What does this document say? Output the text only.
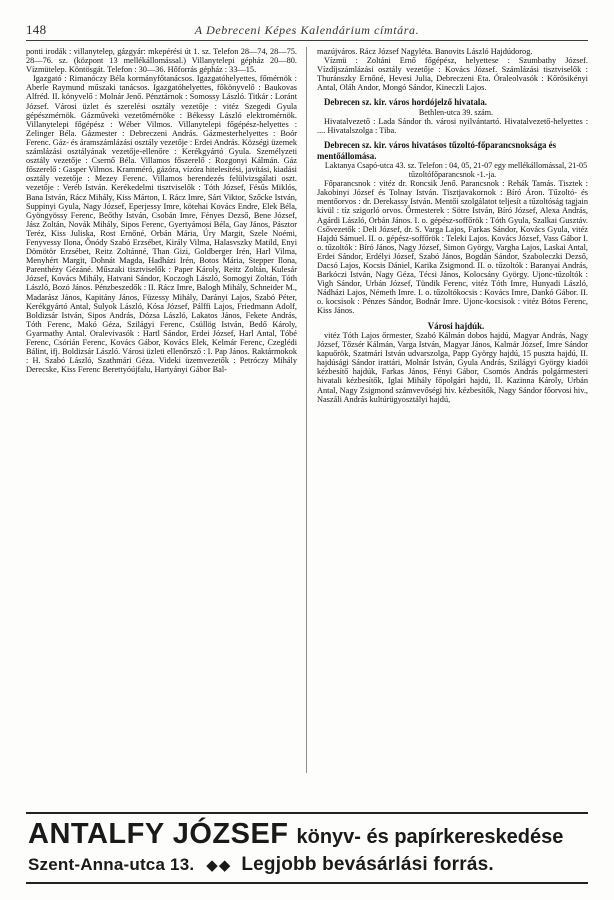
148	A Debreceni Képes Kalendárium címtára.

ponti irodák : villanytelep, gázgyár: mkepérési út 1. sz. Telefon 28—74, 28—75. 28—76. sz. (központ 13 mellékállomással.) Villanytelepi gépház 20—80. Vízmütelep. Köntösgát. Telefon : 30—36. Hőforrás gépház : 33—15.

Igazgató : Rimanóczy Béla kormányfőtanácsos. Igazgatóhelyettes, főmérnök : Aberle Raymund műszaki tanácsos. Igazgatóhelyettes, főkönyvelő : Baukovas Alfréd. II. könyvelő : Molnár Jenő. Pénztárnok : Somossy László. Titkár : Loránt József. Városi üzlet és szerelési osztály vezetője : vitéz Szegedi Gyula gépészmérnök. Gázműveki vezetőmérnöke : Békessy László elektromérnök. Villanytelepi főgépész : Wéber Vilmos. Villanytelepi főgépész-helyettes : Zelinger Béla. Gázmester : Debreczeni András. Gázmesterhelyettes : Boór Ferenc. Gáz- és áramszámlázási osztály vezetője : Erdei András. Községi üzemek számlázási osztályának vezetője-ellenőre : Kerékgyártó Gyula. Személyzeti osztály vezetője : Csernő Béla. Villamos főszerelő : Rozgonyi Kálmán. Gáz főszerelő : Gasper Vilmos. Kramméró, gázóra, vízóra hitelesítési, javítási, kiadási osztály vezetője : Mezey Ferenc. Villamos berendezés felülvizsgálati oszt. vezetője : Veréb István. Kerékedelmi tisztviselők : Tóth József, Fésűs Miklós, Bana István, Rácz Mihály, Kiss Márton, I. Rácz Imre, Sárt Viktor, Szőcke István, Suppinyi Gyula, Nagy József, Eperjessy Imre, kötehai Kovács Endre, Elek Béla, Gyöngyössy Ferenc, Beőthy István, Csobán Imre, Fényes Dezső, Bene József, Jász Zoltán, Novák Mihály, Sipos Ferenc, Gyertyámosi Béla, Gay János, Pásztor Teréz, Kiss Juliska, Rost Ernőné, Orbán Mária, Úry Margit, Szele Noémi, Fenyvessy Ilona, Őnódy Szabó Erzsébet, Király Vilma, Halasvszky Matild, Enyi Dömötör Erzsébet, Reitz Zoltánné, Than Gizi, Goldberger Irén, Harl Vilma, Menyhért Margit, Dohnát Magda, Hadházi Irén, Botos Mária, Stepper Ilona, Parenthézy Gézáné. Műszaki tisztviselők : Paper Károly, Reitz Zoltán, Kulesár József, Kovács Mihály, Hatvani Sándor, Koczogh László, Somogyi Zoltán, Tóth László, Bozó János. Pénzbeszedők : II. Rácz Imre, Balogh Mihály, Schneider M., Madarász János, Kapitány János, Füzessy Mihály, Darányi Lajos, Szabó Péter, Kerékgyártó Antal, Sulyok László, Kósa József, Pálffi Lajos, Friedmann Adolf, Boldizsár István, Sipos András, Dózsa László, Lakatos János, Fekete András, Tóth Ferenc, Makó Géza, Szilágyi Ferenc, Csüllög István, Bedő Károly, Gyarmathy Antal. Oralevivasók : Hartl Sándor, Erdei József, Harl Antal, Tóbé Ferenc, Csórián Ferenc, Kovács Gábor, Kovács Elek, Kelmár Ferenc, Czeglédi Bálint, ifj. Boldizsár László. Városi üzleti ellenőrsző : I. Pap János. Raktármokok : H. Szabó László, Szathmári Géza. Videki üzemvezetők : Petróczy Mihály Derecske, Kiss Ferenc Berettyóújfalu, Hartyányi Gábor Bal-

mazújváros. Rácz József Nagyléta. Banovits László Hajdúdorog.

Vízmü : Zoltáni Ernő főgépész, helyettese : Szumbathy József. Vízdíjszámlázási osztály vezetője : Kovács József. Számlázási tisztviselők : Thuránszky Ernőné, Hevesi Julia, Debreczeni Eta. Óraleolvasók : Kőrösikényi Antal, Oláh Andor, Mongó Sándor, Kineczli Lajos.

Debrecen sz. kir. város hordójelző hivatala.

Bethlen-utca 39. szám.

Hivatalvezető : Lada Sándor th. városi nyilvántartó. Hivatalvezető-helyettes : .... Hivatalszolga : Tiba.

Debrecen sz. kir. város hivatásos tűzoltó-főparancsnoksága és mentőállomása.

Laktanya Csapó-utca 43. sz. Telefon : 04, 05, 21-07 egy mellékállomással, 21-05 tűzoltófőparancsnok -1.-ja.

Főparancsnok : vitéz dr. Roncsik Jenő. Parancsnok : Rehák Tamás. Tisztek : Jakobinyi József és Tolnay István. Tisztjavakornok : Bíró Áron. Tűzoltó- és mentőorvos : dr. Derekassy István. Mentői szolgálatot teljesít a tűzoltóság tagjain kívül : tíz szigorló orvos. Őrmesterek : Sötre István, Bíró József, Alexa András, Agárdi László, Orbán János. I. o. gépész-soffőrök : Tóth Gyula, Szalkai Gusztáv. Csővezetők : Deli József, dr. S. Varga Lajos, Farkas Sándor, Kovács Gyula, vitéz Hajdú Sámuel. II. o. gépész-soffőrök : Teleki Lajos. Kovács József, Vass Gábor I. o. tűzoltók : Bíró János, Nagy József, Simon György, Vargha Lajos, Laskai Antal, Erdei Sándor, Erdélyi József, Szabó János, Bogdán Sándor, Szaboleczki Dezső, Dacsó Lajos, Kocsis Dániel, Karika Zsigmond. II. o. tűzoltók : Baranyai András, Barkóczi István, Nagy Géza, Técsi János, Kolocsány György. Ujonc-tűzoltók : Vigh Sándor, Urbán József, Tündik Ferenc, vitéz Tóth Imre, Hunyadi László, Nádházi Lajos, Németh Imre. I. o. tűzoltókocsis : Kovács Imre, Dankó Gábor. II. o. kocsisok : Pénzes Sándor, Bodnár Imre. Ujonc-kocsisok : vitéz Bótos Ferenc, Kiss János.

Városi hajdúk.

vitéz Tóth Lajos őrmester, Szabó Kálmán dobos hajdú, Magyar András, Nagy József, Tőzsér Kálmán, Varga István, Magyar János, Kalmár József, Imre Sándor kapuőrök, Szatmári István udvarszolga, Papp György hajdú, 15 puszta hajdú, II. hajdúsági Sándor irattári, Molnár István, Gyula András, Szilágyi György kiadói kézbesítő hajdúk, Farkas János, Fényi Gábor, Csomós András polgármesteri hivatali kézbesítők, Iglai Mihály főpolgári hajdú, II. Kazinna Károly, Urbán Antal, Nagy Zsigmond számvevőségi hiv. kézbesítők, Nagy Sándor főorvosi hiv., Naszáli András kultúrügyosztályi hajdú,

ANTALFY JÓZSEF könyv- és papírkereskedése
Szent-Anna-utca 13. ◆◆ Legjobb bevásárlási forrás.
